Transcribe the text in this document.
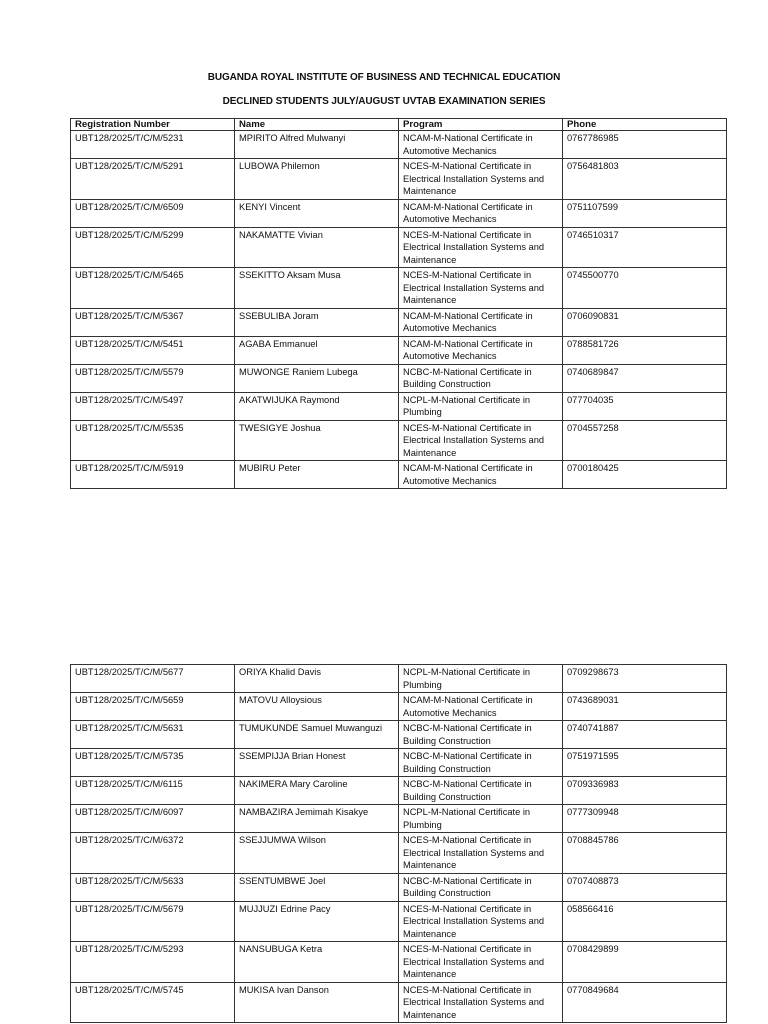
BUGANDA ROYAL INSTITUTE OF BUSINESS AND TECHNICAL EDUCATION
DECLINED STUDENTS JULY/AUGUST UVTAB EXAMINATION SERIES
Registration Number	Name	Program	Phone
UBT128/2025/T/C/M/5231	MPIRITO Alfred Mulwanyi	NCAM-M-National Certificate in Automotive Mechanics	0767786985
UBT128/2025/T/C/M/5291	LUBOWA Philemon	NCES-M-National Certificate in Electrical Installation Systems and Maintenance	0756481803
UBT128/2025/T/C/M/6509	KENYI Vincent	NCAM-M-National Certificate in Automotive Mechanics	0751107599
UBT128/2025/T/C/M/5299	NAKAMATTE Vivian	NCES-M-National Certificate in Electrical Installation Systems and Maintenance	0746510317
UBT128/2025/T/C/M/5465	SSEKITTO Aksam Musa	NCES-M-National Certificate in Electrical Installation Systems and Maintenance	0745500770
UBT128/2025/T/C/M/5367	SSEBULIBA Joram	NCAM-M-National Certificate in Automotive Mechanics	0706090831
UBT128/2025/T/C/M/5451	AGABA Emmanuel	NCAM-M-National Certificate in Automotive Mechanics	0788581726
UBT128/2025/T/C/M/5579	MUWONGE Raniem Lubega	NCBC-M-National Certificate in Building Construction	0740689847
UBT128/2025/T/C/M/5497	AKATWIJUKA Raymond	NCPL-M-National Certificate in Plumbing	077704035
UBT128/2025/T/C/M/5535	TWESIGYE Joshua	NCES-M-National Certificate in Electrical Installation Systems and Maintenance	0704557258
UBT128/2025/T/C/M/5919	MUBIRU Peter	NCAM-M-National Certificate in Automotive Mechanics	0700180425
UBT128/2025/T/C/M/5677	ORIYA Khalid Davis	NCPL-M-National Certificate in Plumbing	0709298673
UBT128/2025/T/C/M/5659	MATOVU Alloysious	NCAM-M-National Certificate in Automotive Mechanics	0743689031
UBT128/2025/T/C/M/5631	TUMUKUNDE Samuel Muwanguzi	NCBC-M-National Certificate in Building Construction	0740741887
UBT128/2025/T/C/M/5735	SSEMPIJJA Brian Honest	NCBC-M-National Certificate in Building Construction	0751971595
UBT128/2025/T/C/M/6115	NAKIMERA Mary Caroline	NCBC-M-National Certificate in Building Construction	0709336983
UBT128/2025/T/C/M/6097	NAMBAZIRA Jemimah Kisakye	NCPL-M-National Certificate in Plumbing	0777309948
UBT128/2025/T/C/M/6372	SSEJJUMWA Wilson	NCES-M-National Certificate in Electrical Installation Systems and Maintenance	0708845786
UBT128/2025/T/C/M/5633	SSENTUMBWE Joel	NCBC-M-National Certificate in Building Construction	0707408873
UBT128/2025/T/C/M/5679	MUJJUZI Edrine Pacy	NCES-M-National Certificate in Electrical Installation Systems and Maintenance	058566416
UBT128/2025/T/C/M/5293	NANSUBUGA Ketra	NCES-M-National Certificate in Electrical Installation Systems and Maintenance	0708429899
UBT128/2025/T/C/M/5745	MUKISA Ivan Danson	NCES-M-National Certificate in Electrical Installation Systems and Maintenance	0770849684
